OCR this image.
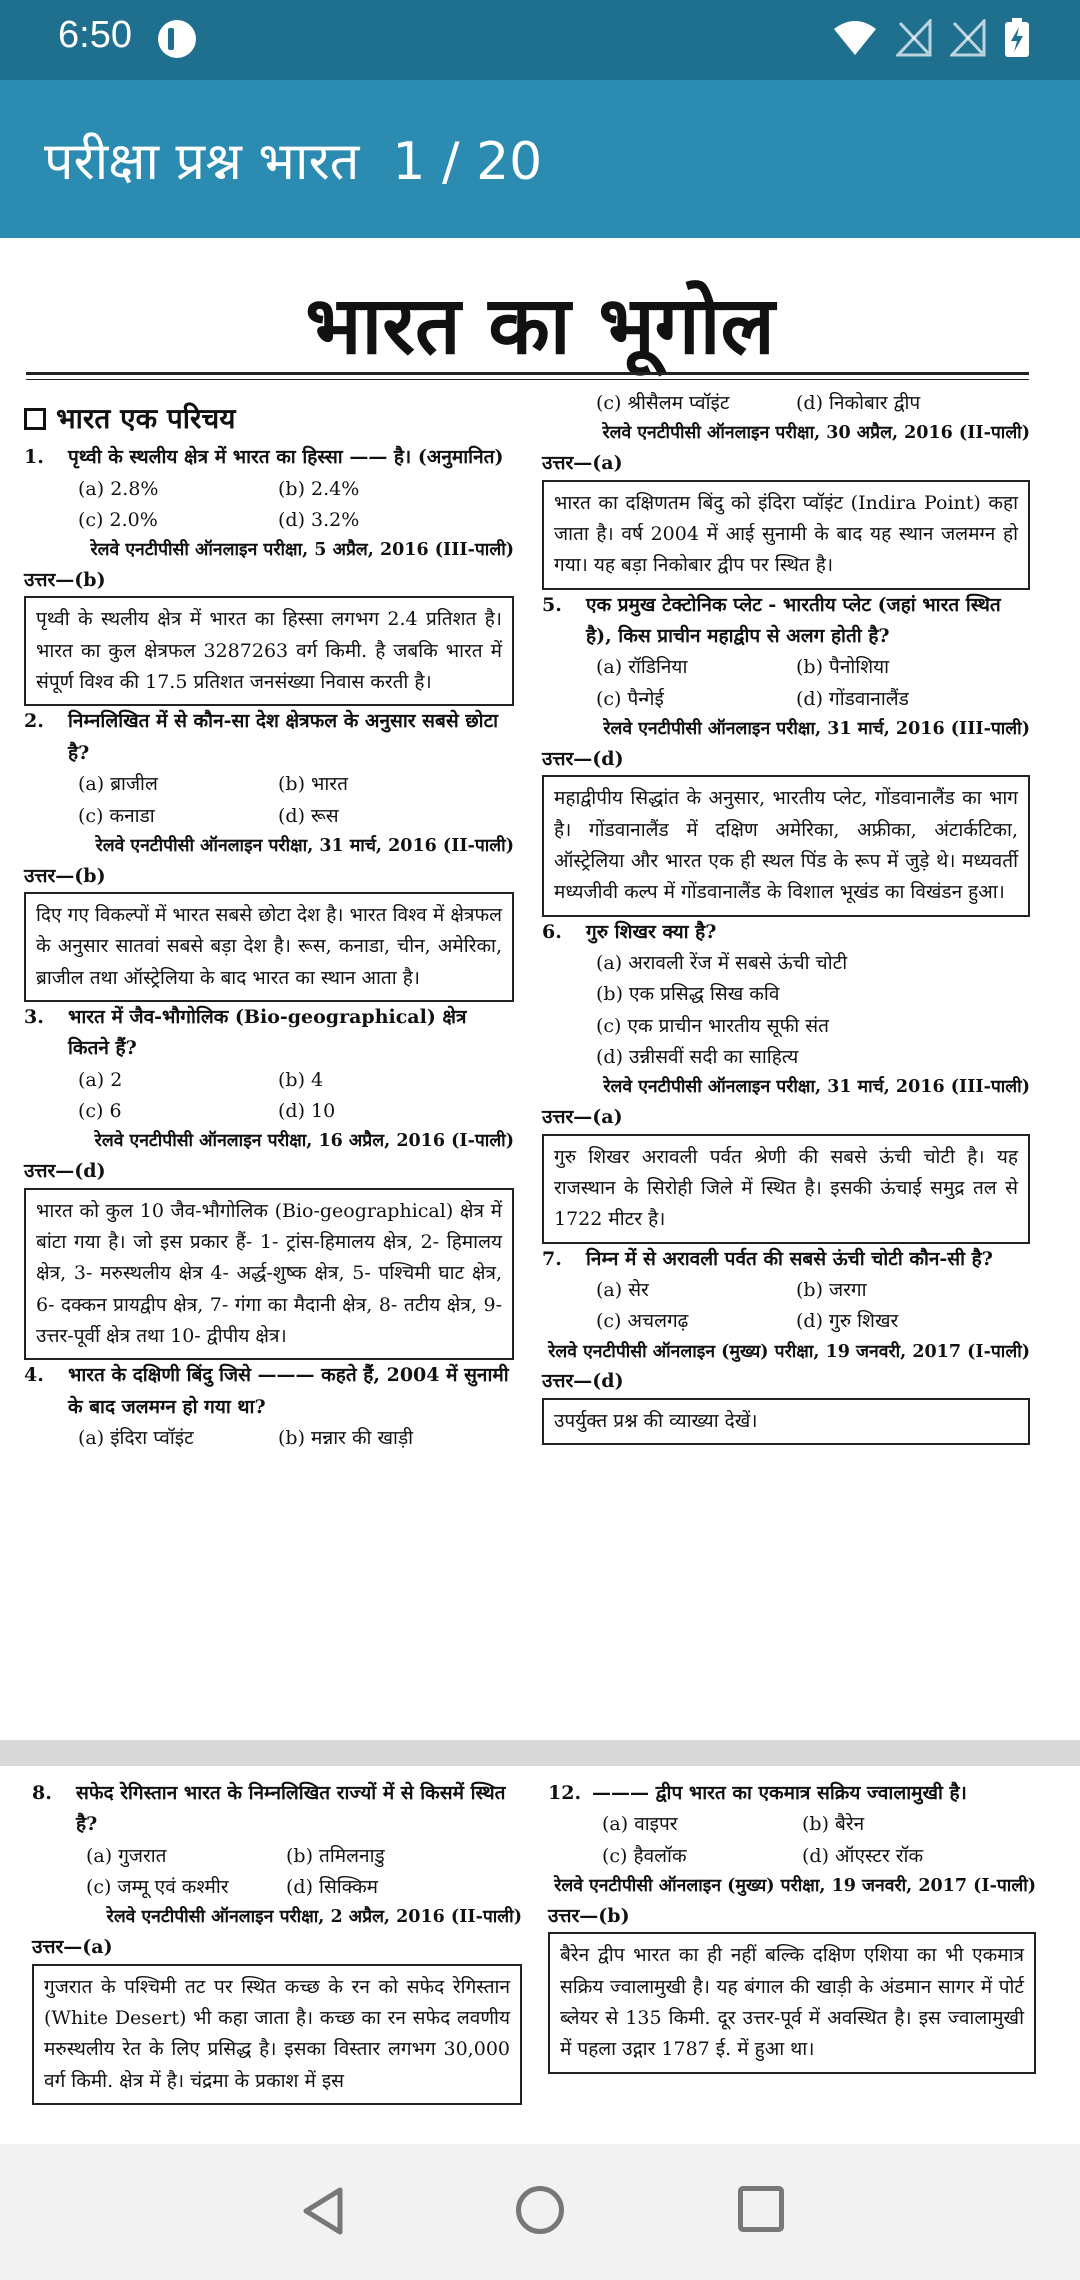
6:50
परीक्षा प्रश्न भारत  1 / 20
भारत का भूगोल
भारत एक परिचय
1.	पृथ्वी के स्थलीय क्षेत्र में भारत का हिस्सा —— है। (अनुमानित)
(a) 2.8%	(b) 2.4%
(c) 2.0%	(d) 3.2%
रेलवे एनटीपीसी ऑनलाइन परीक्षा, 5 अप्रैल, 2016 (III-पाली)
उत्तर—(b)
पृथ्वी के स्थलीय क्षेत्र में भारत का हिस्सा लगभग 2.4 प्रतिशत है। भारत का कुल क्षेत्रफल 3287263 वर्ग किमी. है जबकि भारत में संपूर्ण विश्व की 17.5 प्रतिशत जनसंख्या निवास करती है।
2.	निम्नलिखित में से कौन-सा देश क्षेत्रफल के अनुसार सबसे छोटा है?
(a) ब्राजील	(b) भारत
(c) कनाडा	(d) रूस
रेलवे एनटीपीसी ऑनलाइन परीक्षा, 31 मार्च, 2016 (II-पाली)
उत्तर—(b)
दिए गए विकल्पों में भारत सबसे छोटा देश है। भारत विश्व में क्षेत्रफल के अनुसार सातवां सबसे बड़ा देश है। रूस, कनाडा, चीन, अमेरिका, ब्राजील तथा ऑस्ट्रेलिया के बाद भारत का स्थान आता है।
3.	भारत में जैव-भौगोलिक (Bio-geographical) क्षेत्र कितने हैं?
(a) 2	(b) 4
(c) 6	(d) 10
रेलवे एनटीपीसी ऑनलाइन परीक्षा, 16 अप्रैल, 2016 (I-पाली)
उत्तर—(d)
भारत को कुल 10 जैव-भौगोलिक (Bio-geographical) क्षेत्र में बांटा गया है। जो इस प्रकार हैं- 1- ट्रांस-हिमालय क्षेत्र, 2- हिमालय क्षेत्र, 3- मरुस्थलीय क्षेत्र 4- अर्द्ध-शुष्क क्षेत्र, 5- पश्चिमी घाट क्षेत्र, 6- दक्कन प्रायद्वीप क्षेत्र, 7- गंगा का मैदानी क्षेत्र, 8- तटीय क्षेत्र, 9- उत्तर-पूर्वी क्षेत्र तथा 10- द्वीपीय क्षेत्र।
4.	भारत के दक्षिणी बिंदु जिसे ——— कहते हैं, 2004 में सुनामी के बाद जलमग्न हो गया था?
(a) इंदिरा प्वॉइंट	(b) मन्नार की खाड़ी
(c) श्रीसैलम प्वॉइंट	(d) निकोबार द्वीप
रेलवे एनटीपीसी ऑनलाइन परीक्षा, 30 अप्रैल, 2016 (II-पाली)
उत्तर—(a)
भारत का दक्षिणतम बिंदु को इंदिरा प्वॉइंट (Indira Point) कहा जाता है। वर्ष 2004 में आई सुनामी के बाद यह स्थान जलमग्न हो गया। यह बड़ा निकोबार द्वीप पर स्थित है।
5.	एक प्रमुख टेक्टोनिक प्लेट - भारतीय प्लेट (जहां भारत स्थित है), किस प्राचीन महाद्वीप से अलग होती है?
(a) रॉडिनिया	(b) पैनोशिया
(c) पैन्गेई	(d) गोंडवानालैंड
रेलवे एनटीपीसी ऑनलाइन परीक्षा, 31 मार्च, 2016 (III-पाली)
उत्तर—(d)
महाद्वीपीय सिद्धांत के अनुसार, भारतीय प्लेट, गोंडवानालैंड का भाग है। गोंडवानालैंड में दक्षिण अमेरिका, अफ्रीका, अंटार्कटिका, ऑस्ट्रेलिया और भारत एक ही स्थल पिंड के रूप में जुड़े थे। मध्यवर्ती मध्यजीवी कल्प में गोंडवानालैंड के विशाल भूखंड का विखंडन हुआ।
6.	गुरु शिखर क्या है?
(a) अरावली रेंज में सबसे ऊंची चोटी
(b) एक प्रसिद्ध सिख कवि
(c) एक प्राचीन भारतीय सूफी संत
(d) उन्नीसवीं सदी का साहित्य
रेलवे एनटीपीसी ऑनलाइन परीक्षा, 31 मार्च, 2016 (III-पाली)
उत्तर—(a)
गुरु शिखर अरावली पर्वत श्रेणी की सबसे ऊंची चोटी है। यह राजस्थान के सिरोही जिले में स्थित है। इसकी ऊंचाई समुद्र तल से 1722 मीटर है।
7.	निम्न में से अरावली पर्वत की सबसे ऊंची चोटी कौन-सी है?
(a) सेर	(b) जरगा
(c) अचलगढ़	(d) गुरु शिखर
रेलवे एनटीपीसी ऑनलाइन (मुख्य) परीक्षा, 19 जनवरी, 2017 (I-पाली)
उत्तर—(d)
उपर्युक्त प्रश्न की व्याख्या देखें।
8.	सफेद रेगिस्तान भारत के निम्नलिखित राज्यों में से किसमें स्थित है?
(a) गुजरात	(b) तमिलनाडु
(c) जम्मू एवं कश्मीर	(d) सिक्किम
रेलवे एनटीपीसी ऑनलाइन परीक्षा, 2 अप्रैल, 2016 (II-पाली)
उत्तर—(a)
गुजरात के पश्चिमी तट पर स्थित कच्छ के रन को सफेद रेगिस्तान (White Desert) भी कहा जाता है। कच्छ का रन सफेद लवणीय मरुस्थलीय रेत के लिए प्रसिद्ध है। इसका विस्तार लगभग 30,000 वर्ग किमी. क्षेत्र में है। चंद्रमा के प्रकाश में इस
12. ——— द्वीप भारत का एकमात्र सक्रिय ज्वालामुखी है।
(a) वाइपर	(b) बैरेन
(c) हैवलॉक	(d) ऑएस्टर रॉक
रेलवे एनटीपीसी ऑनलाइन (मुख्य) परीक्षा, 19 जनवरी, 2017 (I-पाली)
उत्तर—(b)
बैरेन द्वीप भारत का ही नहीं बल्कि दक्षिण एशिया का भी एकमात्र सक्रिय ज्वालामुखी है। यह बंगाल की खाड़ी के अंडमान सागर में पोर्ट ब्लेयर से 135 किमी. दूर उत्तर-पूर्व में अवस्थित है। इस ज्वालामुखी में पहला उद्गार 1787 ई. में हुआ था।
